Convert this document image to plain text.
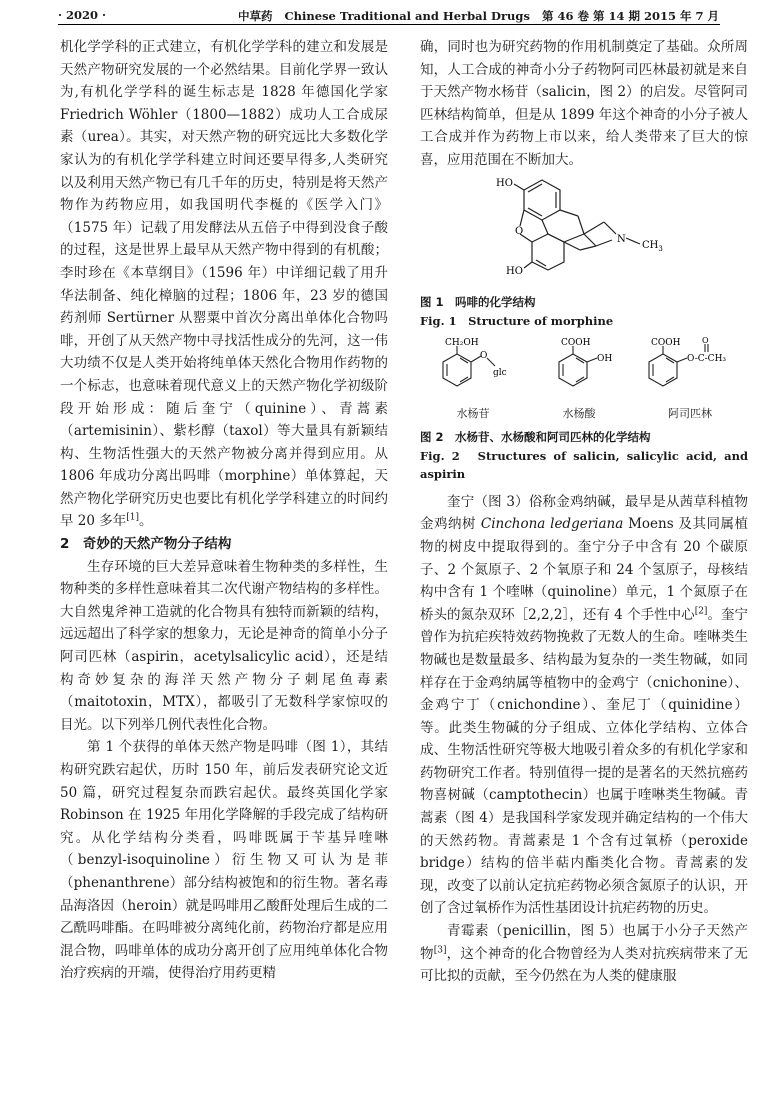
· 2020 ·	中草药 Chinese Traditional and Herbal Drugs 第 46 卷 第 14 期 2015 年 7 月

机化学学科的正式建立，有机化学学科的建立和发展是天然产物研究发展的一个必然结果。目前化学界一致认为,有机化学学科的诞生标志是 1828 年德国化学家 Friedrich Wöhler（1800—1882）成功人工合成尿素（urea）。其实，对天然产物的研究远比大多数化学家认为的有机化学学科建立时间还要早得多,人类研究以及利用天然产物已有几千年的历史，特别是将天然产物作为药物应用，如我国明代李梴的《医学入门》（1575 年）记载了用发酵法从五倍子中得到没食子酸的过程，这是世界上最早从天然产物中得到的有机酸；李时珍在《本草纲目》（1596 年）中详细记载了用升华法制备、纯化樟脑的过程；1806 年，23 岁的德国药剂师 Sertürner 从罂粟中首次分离出单体化合物吗啡，开创了从天然产物中寻找活性成分的先河，这一伟大功绩不仅是人类开始将纯单体天然化合物用作药物的一个标志，也意味着现代意义上的天然产物化学初级阶段开始形成：随后奎宁（quinine）、青蒿素（artemisinin）、紫杉醇（taxol）等大量具有新颖结构、生物活性强大的天然产物被分离并得到应用。从 1806 年成功分离出吗啡（morphine）单体算起，天然产物化学研究历史也要比有机化学学科建立的时间约早 20 多年[1]。

2　奇妙的天然产物分子结构

生存环境的巨大差异意味着生物种类的多样性，生物种类的多样性意味着其二次代谢产物结构的多样性。大自然鬼斧神工造就的化合物具有独特而新颖的结构，远远超出了科学家的想象力，无论是神奇的简单小分子阿司匹林（aspirin，acetylsalicylic acid），还是结构奇妙复杂的海洋天然产物分子刺尾鱼毒素（maitotoxin，MTX），都吸引了无数科学家惊叹的目光。以下列举几例代表性化合物。

第 1 个获得的单体天然产物是吗啡（图 1），其结构研究跌宕起伏，历时 150 年，前后发表研究论文近 50 篇，研究过程复杂而跌宕起伏。最终英国化学家 Robinson 在 1925 年用化学降解的手段完成了结构研究。从化学结构分类看，吗啡既属于苄基异喹啉（benzyl-isoquinoline）衍生物又可认为是菲（phenanthrene）部分结构被饱和的衍生物。著名毒品海洛因（heroin）就是吗啡用乙酸酐处理后生成的二乙酰吗啡酯。在吗啡被分离纯化前，药物治疗都是应用混合物，吗啡单体的成功分离开创了应用纯单体化合物治疗疾病的开端，使得治疗用药更精

确，同时也为研究药物的作用机制奠定了基础。众所周知，人工合成的神奇小分子药物阿司匹林最初就是来自于天然产物水杨苷（salicin，图 2）的启发。尽管阿司匹林结构简单，但是从 1899 年这个神奇的小分子被人工合成并作为药物上市以来，给人类带来了巨大的惊喜，应用范围在不断加大。

HO
O
N
$CH_3$
HO

图 1　吗啡的化学结构

Fig. 1　Structure of morphine

CH₂OH
O
glc
水杨苷
COOH
OH
水杨酸
COOH	O
O-C-CH₃
阿司匹林

图 2　水杨苷、水杨酸和阿司匹林的化学结构

Fig. 2　Structures of salicin, salicylic acid, and aspirin

奎宁（图 3）俗称金鸡纳碱，最早是从茜草科植物金鸡纳树 Cinchona ledgeriana Moens 及其同属植物的树皮中提取得到的。奎宁分子中含有 20 个碳原子、2 个氮原子、2 个氧原子和 24 个氢原子，母核结构中含有 1 个喹啉（quinoline）单元，1 个氮原子在桥头的氮杂双环［2,2,2］，还有 4 个手性中心[2]。奎宁曾作为抗疟疾特效药物挽救了无数人的生命。喹啉类生物碱也是数量最多、结构最为复杂的一类生物碱，如同样存在于金鸡纳属等植物中的金鸡宁（cnichonine）、金鸡宁丁（cnichondine）、奎尼丁（quinidine）等。此类生物碱的分子组成、立体化学结构、立体合成、生物活性研究等极大地吸引着众多的有机化学家和药物研究工作者。特别值得一提的是著名的天然抗癌药物喜树碱（camptothecin）也属于喹啉类生物碱。青蒿素（图 4）是我国科学家发现并确定结构的一个伟大的天然药物。青蒿素是 1 个含有过氧桥（peroxide bridge）结构的倍半萜内酯类化合物。青蒿素的发现，改变了以前认定抗疟药物必须含氮原子的认识，开创了含过氧桥作为活性基团设计抗疟药物的历史。

青霉素（penicillin，图 5）也属于小分子天然产物[3]，这个神奇的化合物曾经为人类对抗疾病带来了无可比拟的贡献，至今仍然在为人类的健康服
